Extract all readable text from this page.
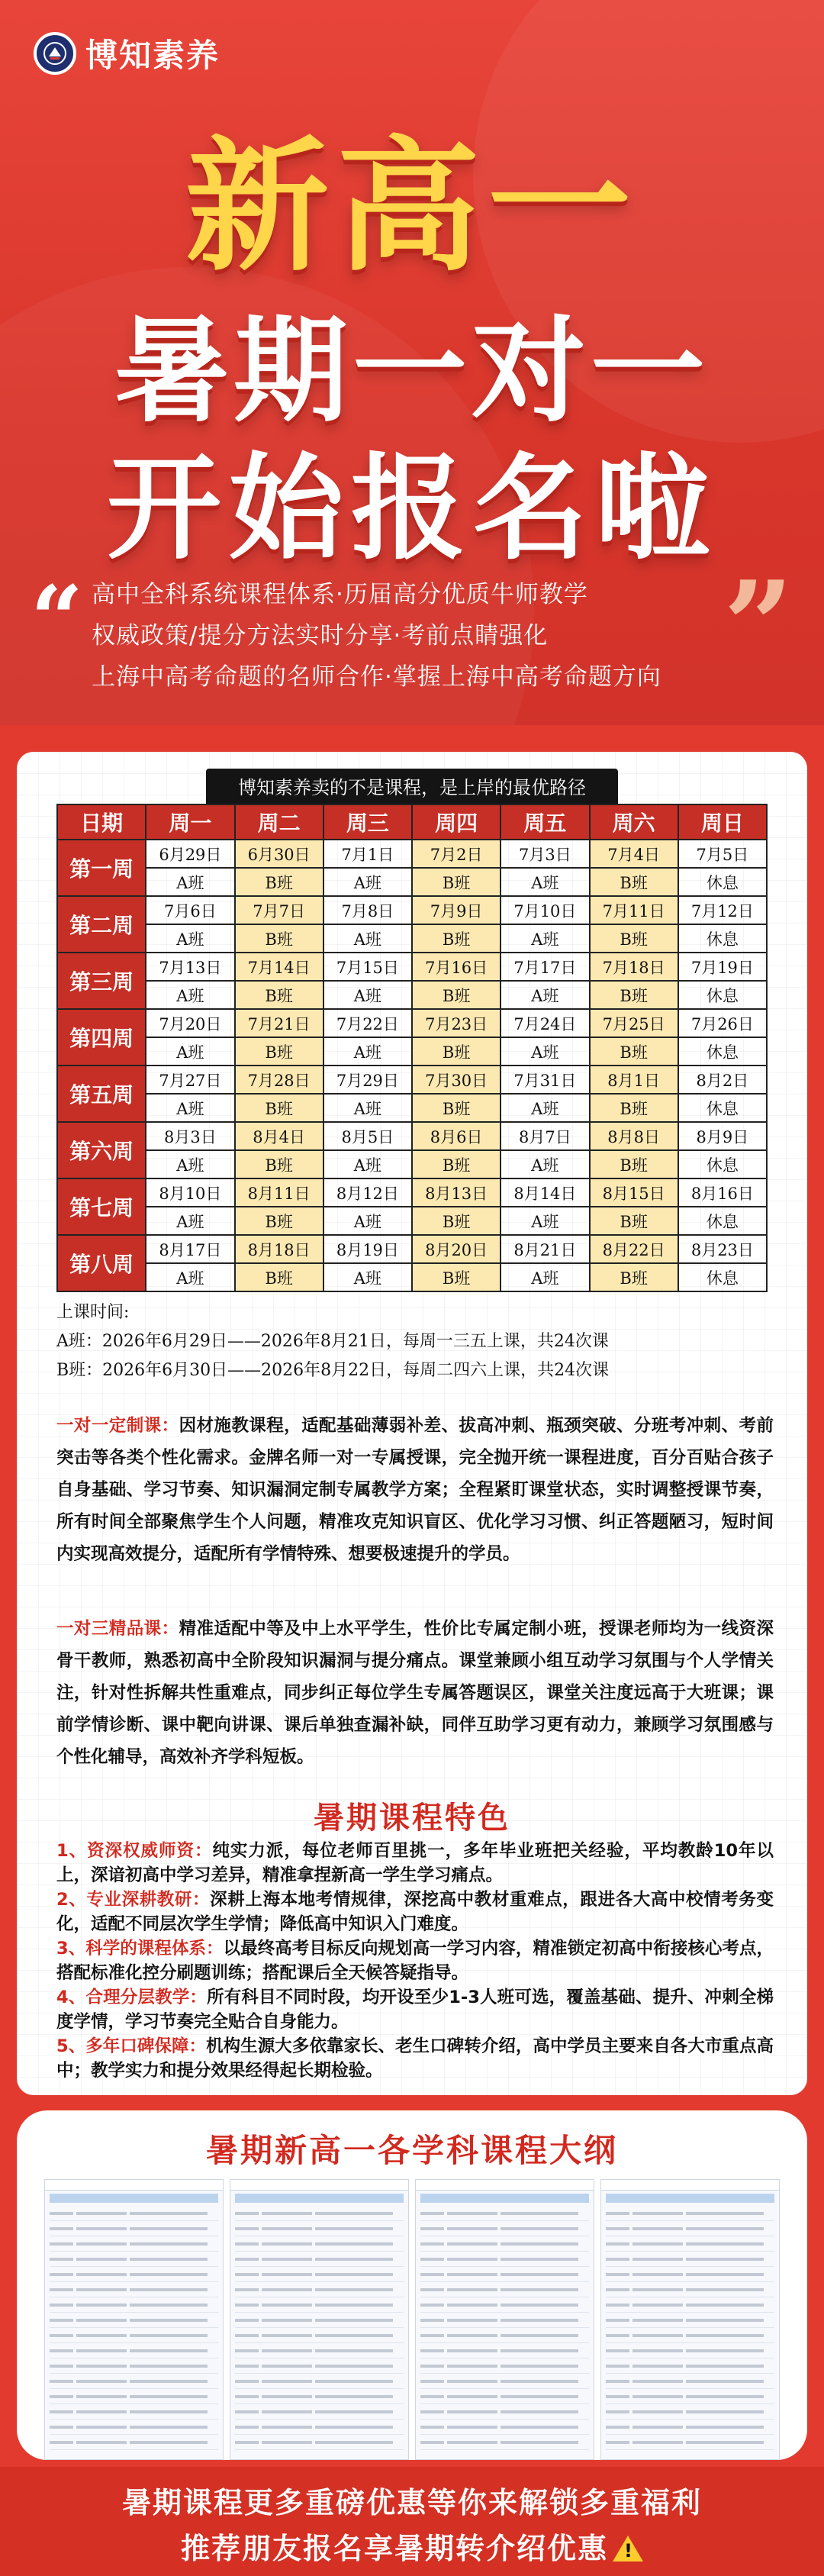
博知素养
新高一
暑期一对一
开始报名啦
“	”
高中全科系统课程体系·历届高分优质牛师教学
权威政策/提分方法实时分享·考前点睛强化
上海中高考命题的名师合作·掌握上海中高考命题方向
博知素养卖的不是课程，是上岸的最优路径
日期	周一	周二	周三	周四	周五	周六	周日
第一周	6月29日	6月30日	7月1日	7月2日	7月3日	7月4日	7月5日
	A班	B班	A班	B班	A班	B班	休息
第二周	7月6日	7月7日	7月8日	7月9日	7月10日	7月11日	7月12日
	A班	B班	A班	B班	A班	B班	休息
第三周	7月13日	7月14日	7月15日	7月16日	7月17日	7月18日	7月19日
	A班	B班	A班	B班	A班	B班	休息
第四周	7月20日	7月21日	7月22日	7月23日	7月24日	7月25日	7月26日
	A班	B班	A班	B班	A班	B班	休息
第五周	7月27日	7月28日	7月29日	7月30日	7月31日	8月1日	8月2日
	A班	B班	A班	B班	A班	B班	休息
第六周	8月3日	8月4日	8月5日	8月6日	8月7日	8月8日	8月9日
	A班	B班	A班	B班	A班	B班	休息
第七周	8月10日	8月11日	8月12日	8月13日	8月14日	8月15日	8月16日
	A班	B班	A班	B班	A班	B班	休息
第八周	8月17日	8月18日	8月19日	8月20日	8月21日	8月22日	8月23日
	A班	B班	A班	B班	A班	B班	休息
上课时间:
A班：2026年6月29日——2026年8月21日，每周一三五上课，共24次课
B班：2026年6月30日——2026年8月22日，每周二四六上课，共24次课
一对一定制课：因材施教课程，适配基础薄弱补差、拔高冲刺、瓶颈突破、分班考冲刺、考前突击等各类个性化需求。金牌名师一对一专属授课，完全抛开统一课程进度，百分百贴合孩子自身基础、学习节奏、知识漏洞定制专属教学方案；全程紧盯课堂状态，实时调整授课节奏，所有时间全部聚焦学生个人问题，精准攻克知识盲区、优化学习习惯、纠正答题陋习，短时间内实现高效提分，适配所有学情特殊、想要极速提升的学员。
一对三精品课：精准适配中等及中上水平学生，性价比专属定制小班，授课老师均为一线资深骨干教师，熟悉初高中全阶段知识漏洞与提分痛点。课堂兼顾小组互动学习氛围与个人学情关注，针对性拆解共性重难点，同步纠正每位学生专属答题误区，课堂关注度远高于大班课；课前学情诊断、课中靶向讲课、课后单独查漏补缺，同伴互助学习更有动力，兼顾学习氛围感与个性化辅导，高效补齐学科短板。
暑期课程特色
1、资深权威师资：纯实力派，每位老师百里挑一，多年毕业班把关经验，平均教龄10年以上，深谙初高中学习差异，精准拿捏新高一学生学习痛点。
2、专业深耕教研：深耕上海本地考情规律，深挖高中教材重难点，跟进各大高中校情考务变化，适配不同层次学生学情；降低高中知识入门难度。
3、科学的课程体系：以最终高考目标反向规划高一学习内容，精准锁定初高中衔接核心考点，搭配标准化控分刷题训练；搭配课后全天候答疑指导。
4、合理分层教学：所有科目不同时段，均开设至少1-3人班可选，覆盖基础、提升、冲刺全梯度学情，学习节奏完全贴合自身能力。
5、多年口碑保障：机构生源大多依靠家长、老生口碑转介绍，高中学员主要来自各大市重点高中；教学实力和提分效果经得起长期检验。
暑期新高一各学科课程大纲
暑期课程更多重磅优惠等你来解锁多重福利
推荐朋友报名享暑期转介绍优惠!
